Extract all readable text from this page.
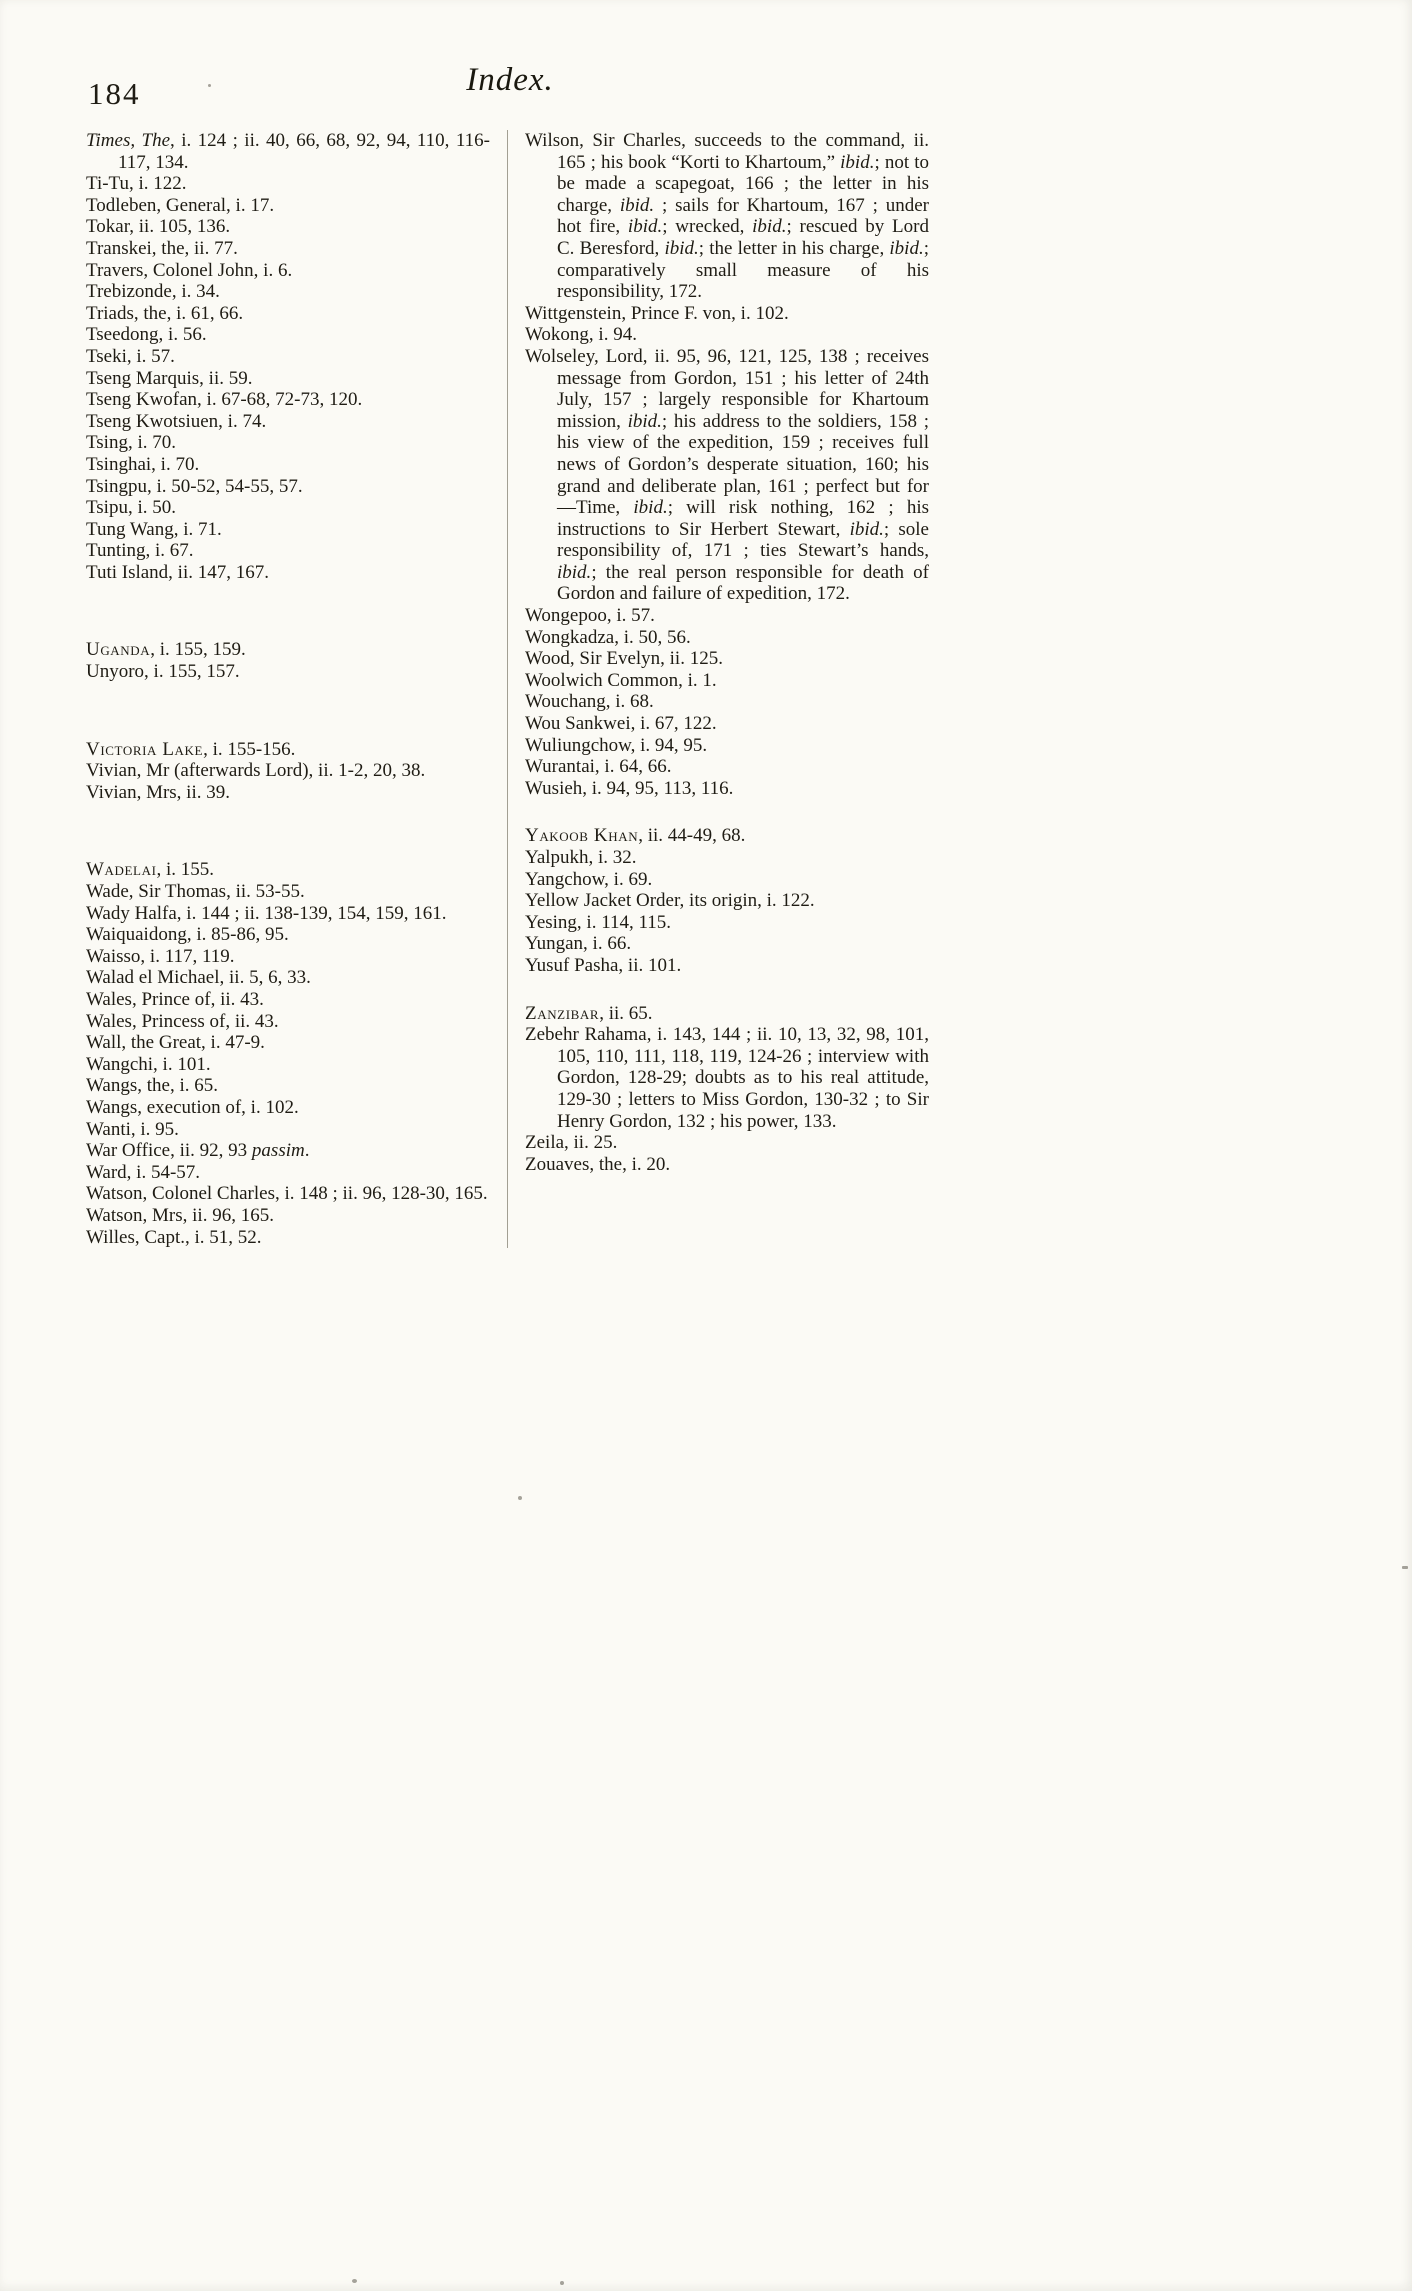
184	Index.

Times, The, i. 124 ; ii. 40, 66, 68, 92, 94, 110, 116-117, 134.

Ti-Tu, i. 122.

Todleben, General, i. 17.

Tokar, ii. 105, 136.

Transkei, the, ii. 77.

Travers, Colonel John, i. 6.

Trebizonde, i. 34.

Triads, the, i. 61, 66.

Tseedong, i. 56.

Tseki, i. 57.

Tseng Marquis, ii. 59.

Tseng Kwofan, i. 67-68, 72-73, 120.

Tseng Kwotsiuen, i. 74.

Tsing, i. 70.

Tsinghai, i. 70.

Tsingpu, i. 50-52, 54-55, 57.

Tsipu, i. 50.

Tung Wang, i. 71.

Tunting, i. 67.

Tuti Island, ii. 147, 167.

Uganda, i. 155, 159.

Unyoro, i. 155, 157.

Victoria Lake, i. 155-156.

Vivian, Mr (afterwards Lord), ii. 1-2, 20, 38.

Vivian, Mrs, ii. 39.

Wadelai, i. 155.

Wade, Sir Thomas, ii. 53-55.

Wady Halfa, i. 144 ; ii. 138-139, 154, 159, 161.

Waiquaidong, i. 85-86, 95.

Waisso, i. 117, 119.

Walad el Michael, ii. 5, 6, 33.

Wales, Prince of, ii. 43.

Wales, Princess of, ii. 43.

Wall, the Great, i. 47-9.

Wangchi, i. 101.

Wangs, the, i. 65.

Wangs, execution of, i. 102.

Wanti, i. 95.

War Office, ii. 92, 93 passim.

Ward, i. 54-57.

Watson, Colonel Charles, i. 148 ; ii. 96, 128-30, 165.

Watson, Mrs, ii. 96, 165.

Willes, Capt., i. 51, 52.

Wilson, Sir Charles, succeeds to the command, ii. 165 ; his book “Korti to Khartoum,” ibid.; not to be made a scapegoat, 166 ; the letter in his charge, ibid. ; sails for Khartoum, 167 ; under hot fire, ibid.; wrecked, ibid.; rescued by Lord C. Beresford, ibid.; the letter in his charge, ibid.; comparatively small measure of his responsibility, 172.

Wittgenstein, Prince F. von, i. 102.

Wokong, i. 94.

Wolseley, Lord, ii. 95, 96, 121, 125, 138 ; receives message from Gordon, 151 ; his letter of 24th July, 157 ; largely responsible for Khartoum mission, ibid.; his address to the soldiers, 158 ; his view of the expedition, 159 ; receives full news of Gordon’s desperate situation, 160; his grand and deliberate plan, 161 ; perfect but for—Time, ibid.; will risk nothing, 162 ; his instructions to Sir Herbert Stewart, ibid.; sole responsibility of, 171 ; ties Stewart’s hands, ibid.; the real person responsible for death of Gordon and failure of expedition, 172.

Wongepoo, i. 57.

Wongkadza, i. 50, 56.

Wood, Sir Evelyn, ii. 125.

Woolwich Common, i. 1.

Wouchang, i. 68.

Wou Sankwei, i. 67, 122.

Wuliungchow, i. 94, 95.

Wurantai, i. 64, 66.

Wusieh, i. 94, 95, 113, 116.

Yakoob Khan, ii. 44-49, 68.

Yalpukh, i. 32.

Yangchow, i. 69.

Yellow Jacket Order, its origin, i. 122.

Yesing, i. 114, 115.

Yungan, i. 66.

Yusuf Pasha, ii. 101.

Zanzibar, ii. 65.

Zebehr Rahama, i. 143, 144 ; ii. 10, 13, 32, 98, 101, 105, 110, 111, 118, 119, 124-26 ; interview with Gordon, 128-29; doubts as to his real attitude, 129-30 ; letters to Miss Gordon, 130-32 ; to Sir Henry Gordon, 132 ; his power, 133.

Zeila, ii. 25.

Zouaves, the, i. 20.
